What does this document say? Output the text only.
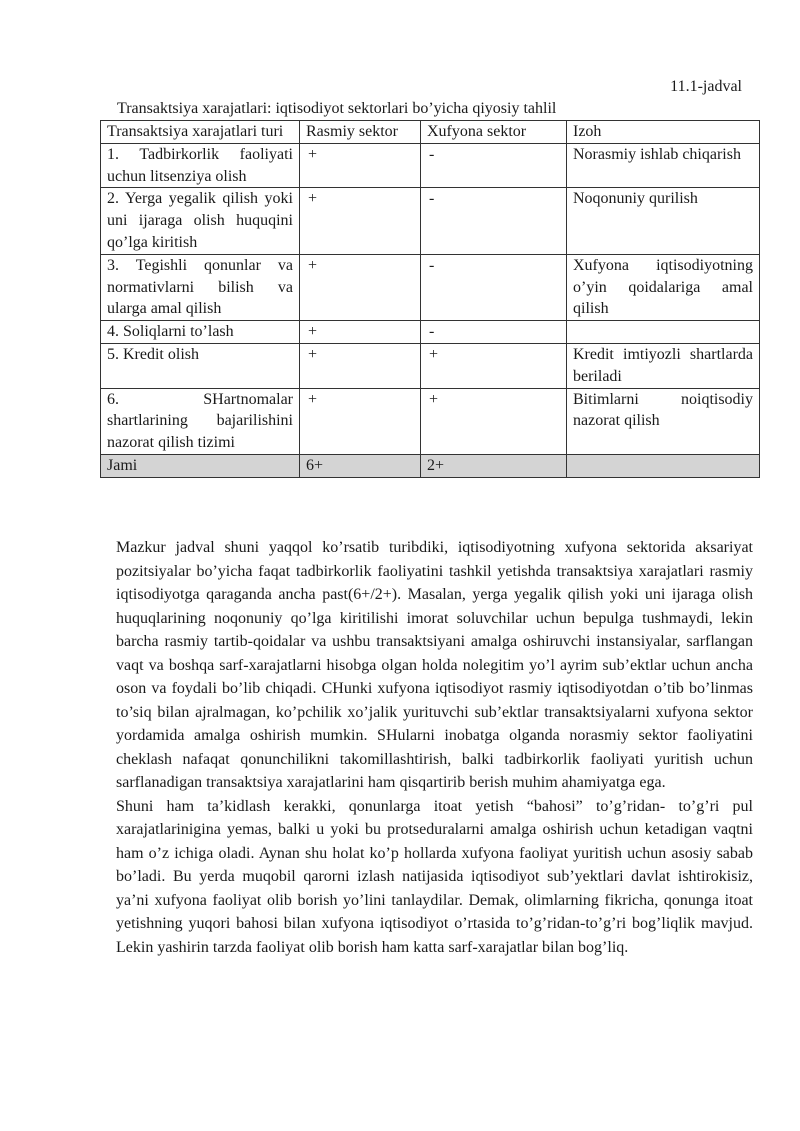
11.1-jadval
Transaktsiya xarajatlari: iqtisodiyot sektorlari bo’yicha qiyosiy tahlil
Transaktsiya xarajatlari turi	Rasmiy sektor	Xufyona sektor	Izoh
1. Tadbirkorlik faoliyati uchun litsenziya olish	+	-	Norasmiy ishlab chiqarish
2. Yerga yegalik qilish yoki uni ijaraga olish huquqini qo’lga kiritish	+	-	Noqonuniy qurilish
3. Tegishli qonunlar va normativlarni bilish va ularga amal qilish	+	-	Xufyona iqtisodiyotning o’yin qoidalariga amal qilish
4. Soliqlarni to’lash	+	-	
5. Kredit olish	+	+	Kredit imtiyozli shartlarda beriladi
6. SHartnomalar shartlarining bajarilishini nazorat qilish tizimi	+	+	Bitimlarni noiqtisodiy nazorat qilish
Jami	6+	2+	

Mazkur jadval shuni yaqqol ko’rsatib turibdiki, iqtisodiyotning xufyona sektorida aksariyat pozitsiyalar bo’yicha faqat tadbirkorlik faoliyatini tashkil yetishda transaktsiya xarajatlari rasmiy iqtisodiyotga qaraganda ancha past(6+/2+). Masalan, yerga yegalik qilish yoki uni ijaraga olish huquqlarining noqonuniy qo’lga kiritilishi imorat soluvchilar uchun bepulga tushmaydi, lekin barcha rasmiy tartib-qoidalar va ushbu transaktsiyani amalga oshiruvchi instansiyalar, sarflangan vaqt va boshqa sarf-xarajatlarni hisobga olgan holda nolegitim yo’l ayrim sub’ektlar uchun ancha oson va foydali bo’lib chiqadi. CHunki xufyona iqtisodiyot rasmiy iqtisodiyotdan o’tib bo’linmas to’siq bilan ajralmagan, ko’pchilik xo’jalik yurituvchi sub’ektlar transaktsiyalarni xufyona sektor yordamida amalga oshirish mumkin. SHularni inobatga olganda norasmiy sektor faoliyatini cheklash nafaqat qonunchilikni takomillashtirish, balki tadbirkorlik faoliyati yuritish uchun sarflanadigan transaktsiya xarajatlarini ham qisqartirib berish muhim ahamiyatga ega.

Shuni ham ta’kidlash kerakki, qonunlarga itoat yetish “bahosi” to’g’ridan- to’g’ri pul xarajatlarinigina yemas, balki u yoki bu protseduralarni amalga oshirish uchun ketadigan vaqtni ham o’z ichiga oladi. Aynan shu holat ko’p hollarda xufyona faoliyat yuritish uchun asosiy sabab bo’ladi. Bu yerda muqobil qarorni izlash natijasida iqtisodiyot sub’yektlari davlat ishtirokisiz, ya’ni xufyona faoliyat olib borish yo’lini tanlaydilar. Demak, olimlarning fikricha, qonunga itoat yetishning yuqori bahosi bilan xufyona iqtisodiyot o’rtasida to’g’ridan-to’g’ri bog’liqlik mavjud. Lekin yashirin tarzda faoliyat olib borish ham katta sarf-xarajatlar bilan bog’liq.
